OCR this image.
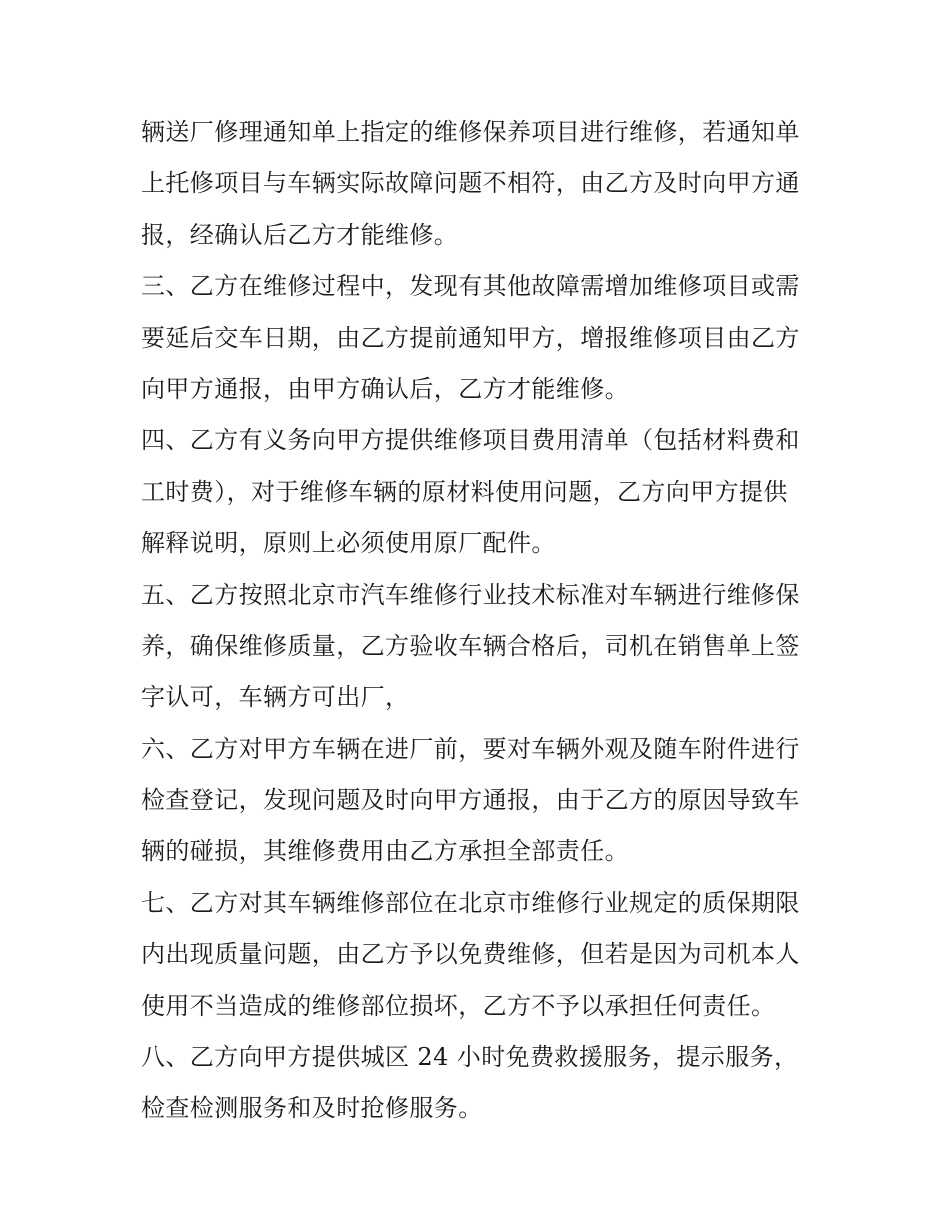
辆送厂修理通知单上指定的维修保养项目进行维修，若通知单
上托修项目与车辆实际故障问题不相符，由乙方及时向甲方通
报，经确认后乙方才能维修。
三、乙方在维修过程中，发现有其他故障需增加维修项目或需
要延后交车日期，由乙方提前通知甲方，增报维修项目由乙方
向甲方通报，由甲方确认后，乙方才能维修。
四、乙方有义务向甲方提供维修项目费用清单（包括材料费和
工时费），对于维修车辆的原材料使用问题，乙方向甲方提供
解释说明，原则上必须使用原厂配件。
五、乙方按照北京市汽车维修行业技术标准对车辆进行维修保
养，确保维修质量，乙方验收车辆合格后，司机在销售单上签
字认可，车辆方可出厂，
六、乙方对甲方车辆在进厂前，要对车辆外观及随车附件进行
检查登记，发现问题及时向甲方通报，由于乙方的原因导致车
辆的碰损，其维修费用由乙方承担全部责任。
七、乙方对其车辆维修部位在北京市维修行业规定的质保期限
内出现质量问题，由乙方予以免费维修，但若是因为司机本人
使用不当造成的维修部位损坏，乙方不予以承担任何责任。
八、乙方向甲方提供城区 24 小时免费救援服务，提示服务，
检查检测服务和及时抢修服务。
